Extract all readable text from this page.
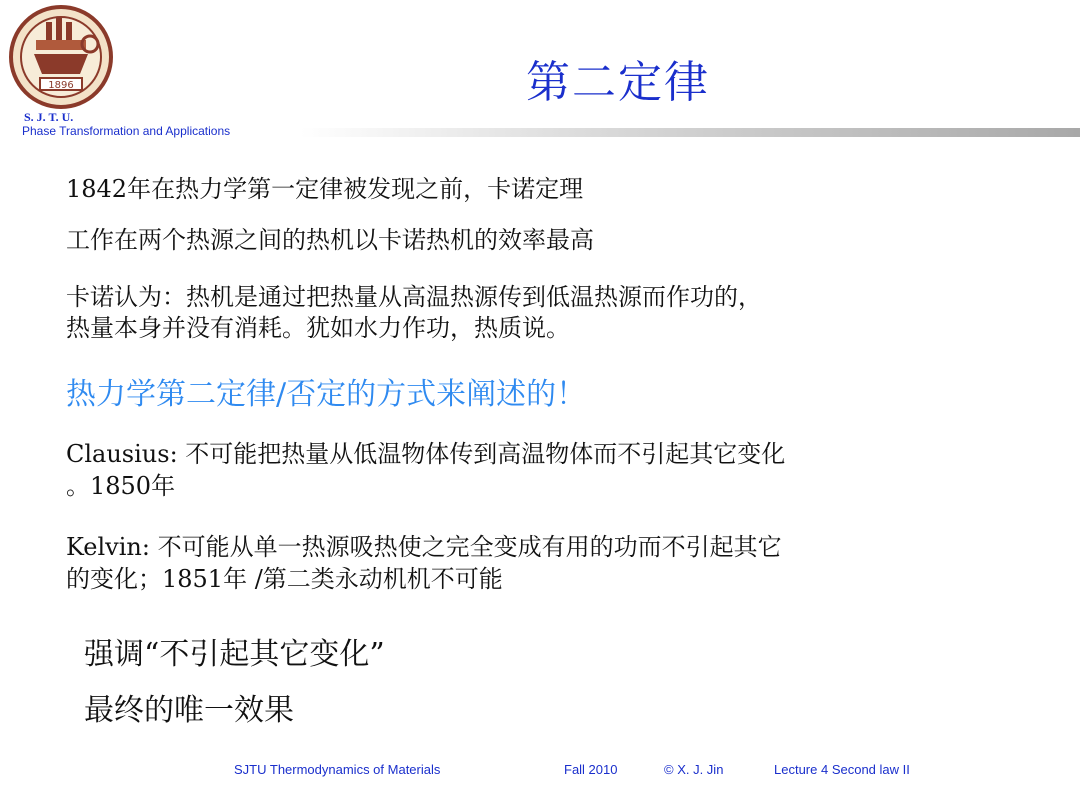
1896	第二定律
S. J. T. U.
Phase Transformation and Applications
1842年在热力学第一定律被发现之前，卡诺定理
工作在两个热源之间的热机以卡诺热机的效率最高
卡诺认为：热机是通过把热量从高温热源传到低温热源而作功的，
热量本身并没有消耗。犹如水力作功，热质说。
热力学第二定律/否定的方式来阐述的！
Clausius: 不可能把热量从低温物体传到高温物体而不引起其它变化
。1850年
Kelvin: 不可能从单一热源吸热使之完全变成有用的功而不引起其它
的变化；1851年 /第二类永动机机不可能
强调“不引起其它变化”
最终的唯一效果
SJTU Thermodynamics of Materials	Fall 2010	© X. J. Jin	Lecture 4 Second law II
